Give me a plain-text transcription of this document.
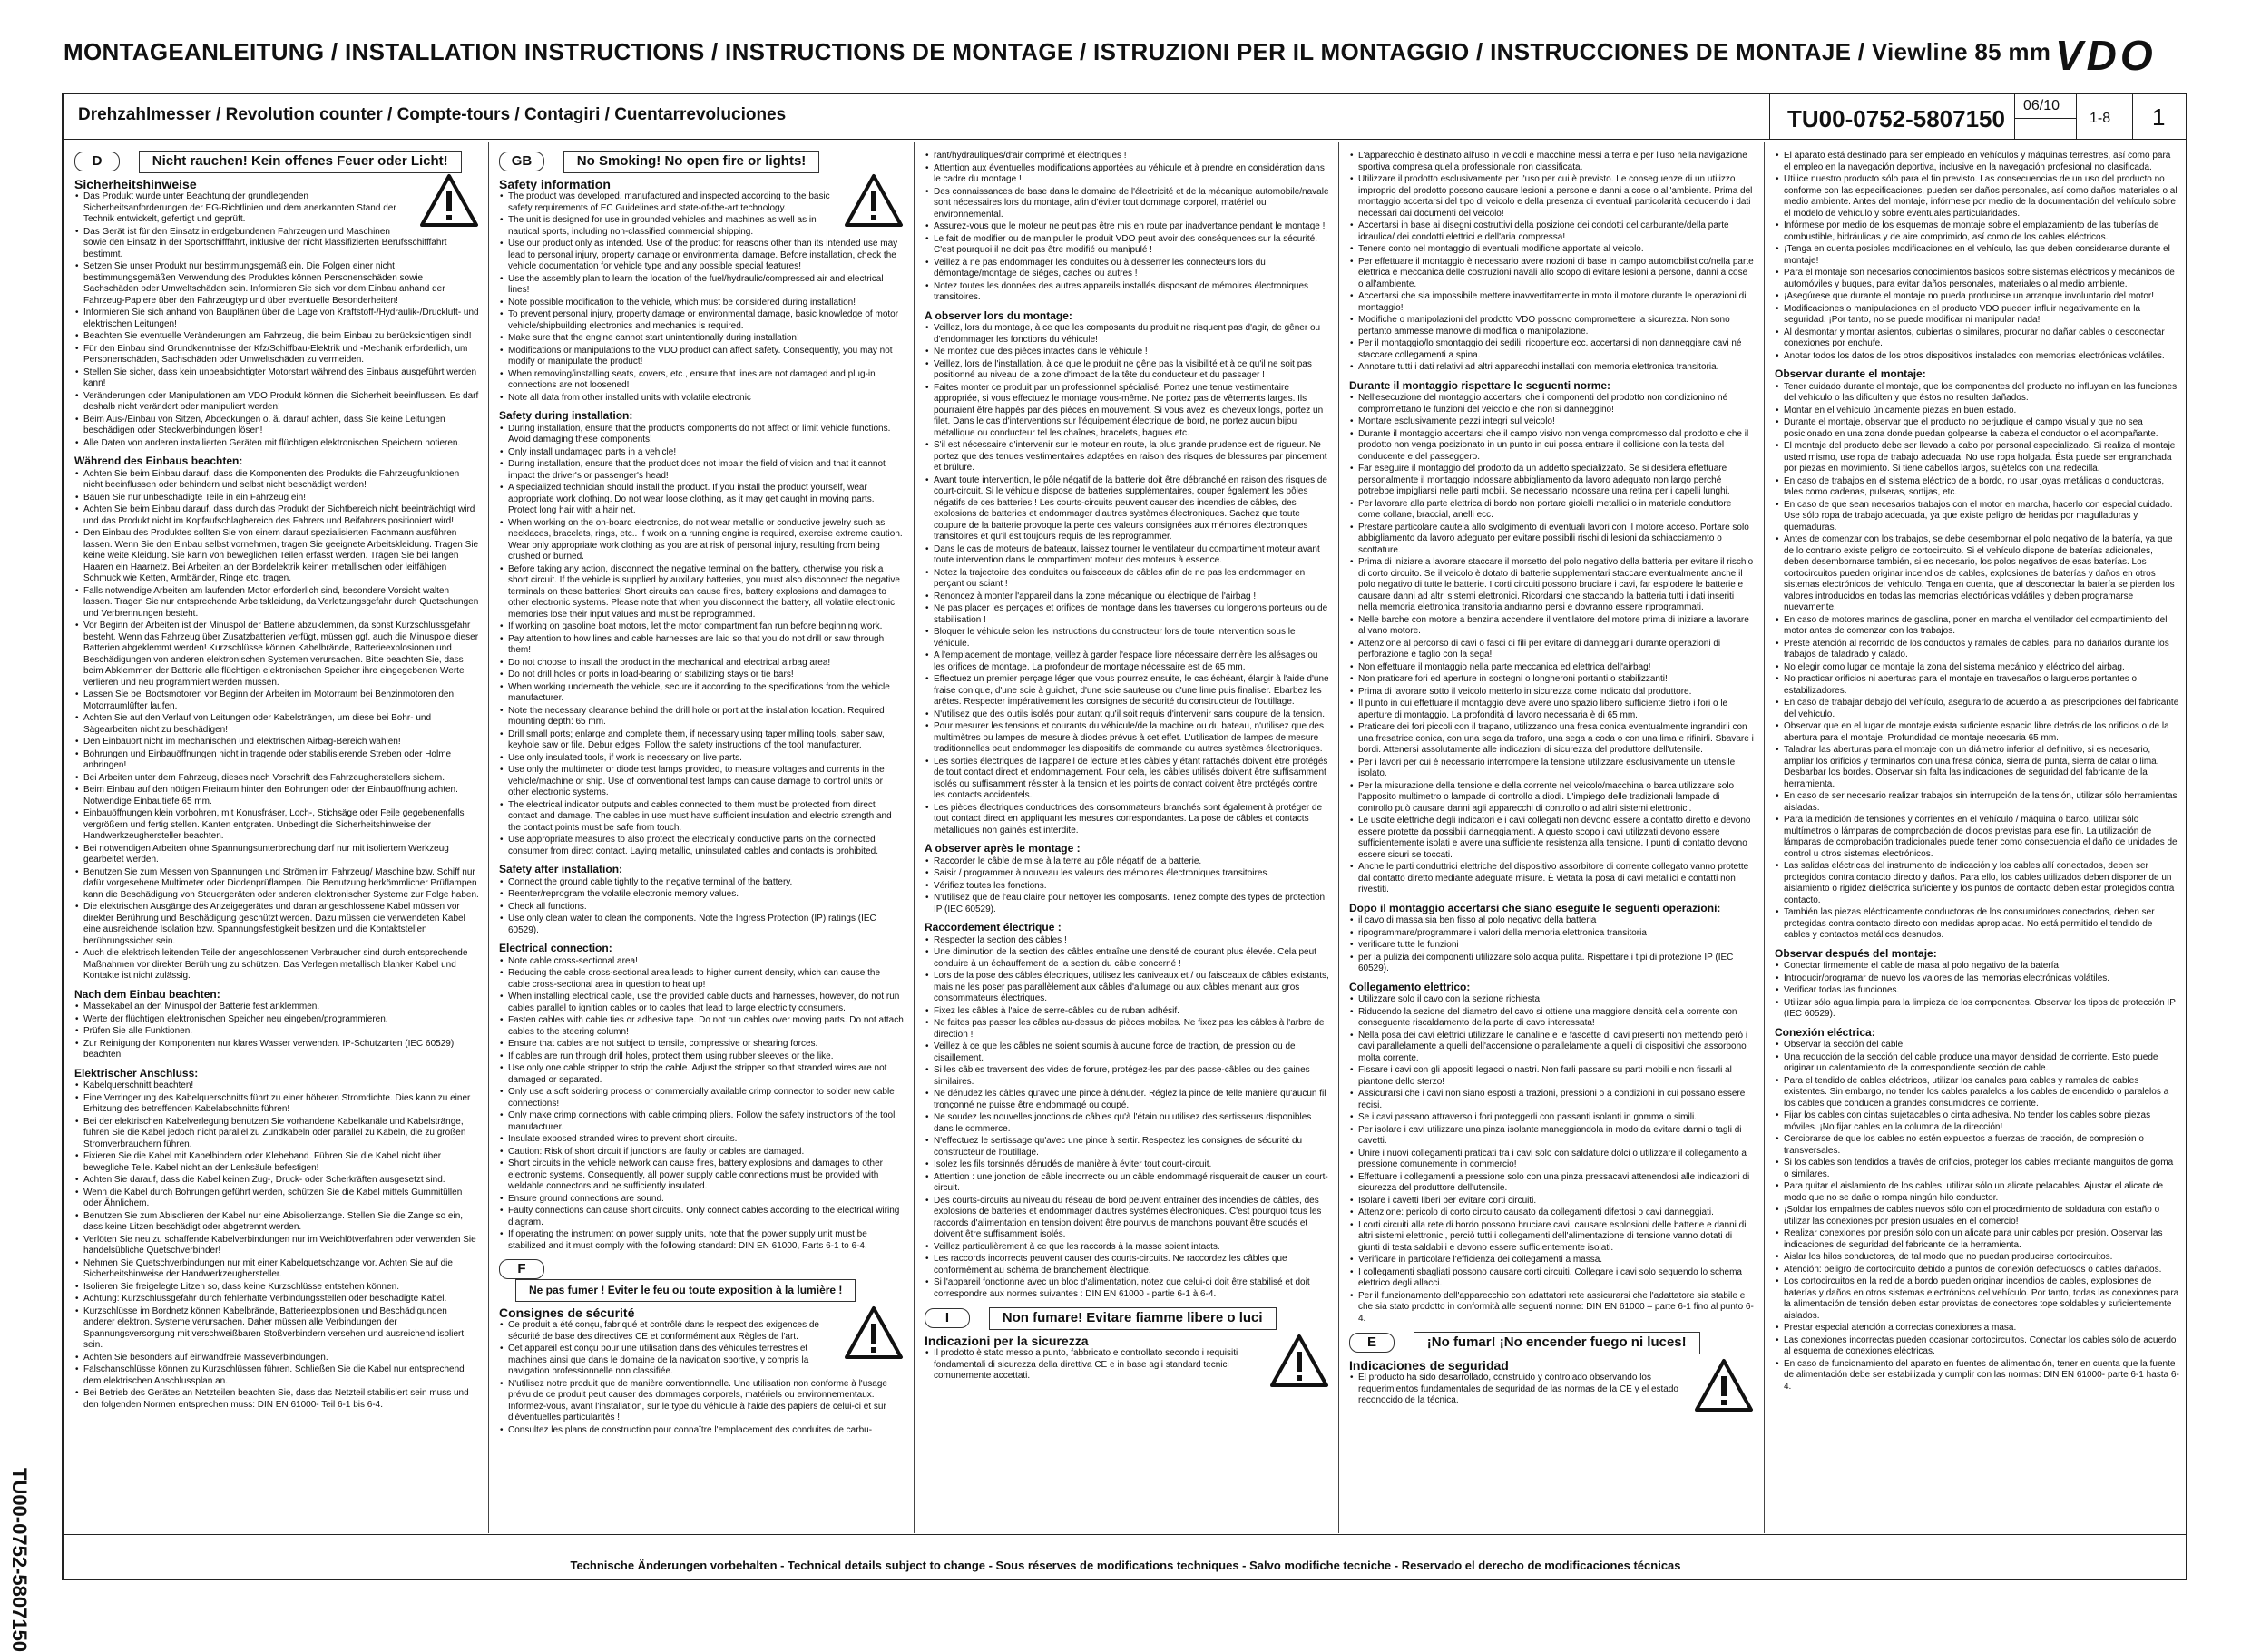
MONTAGEANLEITUNG / INSTALLATION INSTRUCTIONS / INSTRUCTIONS DE MONTAGE / ISTRUZIONI PER IL MONTAGGIO / INSTRUCCIONES DE MONTAJE / Viewline 85 mm VDO
Drehzahlmesser / Revolution counter / Compte-tours / Contagiri / Cuentarrevoluciones	TU00-0752-5807150 06/10
1-8 1
D	Nicht rauchen! Kein offenes Feuer oder Licht!
Sicherheitshinweise
• Das Produkt wurde unter Beachtung der grundlegenden Sicherheitsanforderungen der EG-Richtlinien und dem anerkannten Stand der Technik entwickelt, gefertigt und geprüft.
• Das Gerät ist für den Einsatz in erdgebundenen Fahrzeugen und Maschinen sowie den Einsatz in der Sportschifffahrt, inklusive der nicht klassifizierten Berufsschifffahrt bestimmt.
• Setzen Sie unser Produkt nur bestimmungsgemäß ein. Die Folgen einer nicht bestimmungsgemäßen Verwendung des Produktes können Personenschäden sowie Sachschäden oder Umweltschäden sein. Informieren Sie sich vor dem Einbau anhand der Fahrzeug-Papiere über den Fahrzeugtyp und über eventuelle Besonderheiten!
• Informieren Sie sich anhand von Bauplänen über die Lage von Kraftstoff-/Hydraulik-/Druckluft- und elektrischen Leitungen!
• Beachten Sie eventuelle Veränderungen am Fahrzeug, die beim Einbau zu berücksichtigen sind!
• Für den Einbau sind Grundkenntnisse der Kfz/Schiffbau-Elektrik und -Mechanik erforderlich, um Personenschäden, Sachschäden oder Umweltschäden zu vermeiden.
• Stellen Sie sicher, dass kein unbeabsichtigter Motorstart während des Einbaus ausgeführt werden kann!
• Veränderungen oder Manipulationen am VDO Produkt können die Sicherheit beeinflussen. Es darf deshalb nicht verändert oder manipuliert werden!
• Beim Aus-/Einbau von Sitzen, Abdeckungen o. ä. darauf achten, dass Sie keine Leitungen beschädigen oder Steckverbindungen lösen!
• Alle Daten von anderen installierten Geräten mit flüchtigen elektronischen Speichern notieren.
Während des Einbaus beachten:
• Achten Sie beim Einbau darauf, dass die Komponenten des Produkts die Fahrzeugfunktionen nicht beeinflussen oder behindern und selbst nicht beschädigt werden!
• Bauen Sie nur unbeschädigte Teile in ein Fahrzeug ein!
• Achten Sie beim Einbau darauf, dass durch das Produkt der Sichtbereich nicht beeinträchtigt wird und das Produkt nicht im Kopfaufschlagbereich des Fahrers und Beifahrers positioniert wird!
• Den Einbau des Produktes sollten Sie von einem darauf spezialisierten Fachmann ausführen lassen. Wenn Sie den Einbau selbst vornehmen, tragen Sie geeignete Arbeitskleidung. Tragen Sie keine weite Kleidung. Sie kann von beweglichen Teilen erfasst werden. Tragen Sie bei langen Haaren ein Haarnetz. Bei Arbeiten an der Bordelektrik keinen metallischen oder leitfähigen Schmuck wie Ketten, Armbänder, Ringe etc. tragen.
• Falls notwendige Arbeiten am laufenden Motor erforderlich sind, besondere Vorsicht walten lassen. Tragen Sie nur entsprechende Arbeitskleidung, da Verletzungsgefahr durch Quetschungen und Verbrennungen besteht.
• Vor Beginn der Arbeiten ist der Minuspol der Batterie abzuklemmen, da sonst Kurzschlussgefahr besteht. Wenn das Fahrzeug über Zusatzbatterien verfügt, müssen ggf. auch die Minuspole dieser Batterien abgeklemmt werden! Kurzschlüsse können Kabelbrände, Batterieexplosionen und Beschädigungen von anderen elektronischen Systemen verursachen. Bitte beachten Sie, dass beim Abklemmen der Batterie alle flüchtigen elektronischen Speicher ihre eingegebenen Werte verlieren und neu programmiert werden müssen.
• Lassen Sie bei Bootsmotoren vor Beginn der Arbeiten im Motorraum bei Benzinmotoren den Motorraumlüfter laufen.
• Achten Sie auf den Verlauf von Leitungen oder Kabelsträngen, um diese bei Bohr- und Sägearbeiten nicht zu beschädigen!
• Den Einbauort nicht im mechanischen und elektrischen Airbag-Bereich wählen!
• Bohrungen und Einbauöffnungen nicht in tragende oder stabilisierende Streben oder Holme anbringen!
• Bei Arbeiten unter dem Fahrzeug, dieses nach Vorschrift des Fahrzeugherstellers sichern.
• Beim Einbau auf den nötigen Freiraum hinter den Bohrungen oder der Einbauöffnung achten. Notwendige Einbautiefe 65 mm.
• Einbauöffnungen klein vorbohren, mit Konusfräser, Loch-, Stichsäge oder Feile gegebenenfalls vergrößern und fertig stellen. Kanten entgraten. Unbedingt die Sicherheitshinweise der Handwerkzeughersteller beachten.
• Bei notwendigen Arbeiten ohne Spannungsunterbrechung darf nur mit isoliertem Werkzeug gearbeitet werden.
• Benutzen Sie zum Messen von Spannungen und Strömen im Fahrzeug/ Maschine bzw. Schiff nur dafür vorgesehene Multimeter oder Diodenprüflampen. Die Benutzung herkömmlicher Prüflampen kann die Beschädigung von Steuergeräten oder anderen elektronischer Systeme zur Folge haben.
• Die elektrischen Ausgänge des Anzeigegerätes und daran angeschlossene Kabel müssen vor direkter Berührung und Beschädigung geschützt werden. Dazu müssen die verwendeten Kabel eine ausreichende Isolation bzw. Spannungsfestigkeit besitzen und die Kontaktstellen berührungssicher sein.
• Auch die elektrisch leitenden Teile der angeschlossenen Verbraucher sind durch entsprechende Maßnahmen vor direkter Berührung zu schützen. Das Verlegen metallisch blanker Kabel und Kontakte ist nicht zulässig.
Nach dem Einbau beachten:
• Massekabel an den Minuspol der Batterie fest anklemmen.
• Werte der flüchtigen elektronischen Speicher neu eingeben/programmieren.
• Prüfen Sie alle Funktionen.
• Zur Reinigung der Komponenten nur klares Wasser verwenden. IP-Schutzarten (IEC 60529) beachten.
Elektrischer Anschluss:
• Kabelquerschnitt beachten!
• Eine Verringerung des Kabelquerschnitts führt zu einer höheren Stromdichte. Dies kann zu einer Erhitzung des betreffenden Kabelabschnitts führen!
• Bei der elektrischen Kabelverlegung benutzen Sie vorhandene Kabelkanäle und Kabelstränge, führen Sie die Kabel jedoch nicht parallel zu Zündkabeln oder parallel zu Kabeln, die zu großen Stromverbrauchern führen.
• Fixieren Sie die Kabel mit Kabelbindern oder Klebeband. Führen Sie die Kabel nicht über bewegliche Teile. Kabel nicht an der Lenksäule befestigen!
• Achten Sie darauf, dass die Kabel keinen Zug-, Druck- oder Scherkräften ausgesetzt sind.
• Wenn die Kabel durch Bohrungen geführt werden, schützen Sie die Kabel mittels Gummitüllen oder Ähnlichem.
• Benutzen Sie zum Abisolieren der Kabel nur eine Abisolierzange. Stellen Sie die Zange so ein, dass keine Litzen beschädigt oder abgetrennt werden.
• Verlöten Sie neu zu schaffende Kabelverbindungen nur im Weichlötverfahren oder verwenden Sie handelsübliche Quetschverbinder!
• Nehmen Sie Quetschverbindungen nur mit einer Kabelquetschzange vor. Achten Sie auf die Sicherheitshinweise der Handwerkzeughersteller.
• Isolieren Sie freigelegte Litzen so, dass keine Kurzschlüsse entstehen können.
• Achtung: Kurzschlussgefahr durch fehlerhafte Verbindungsstellen oder beschädigte Kabel.
• Kurzschlüsse im Bordnetz können Kabelbrände, Batterieexplosionen und Beschädigungen anderer elektron. Systeme verursachen. Daher müssen alle Verbindungen der Spannungsversorgung mit verschweißbaren Stoßverbindern versehen und ausreichend isoliert sein.
• Achten Sie besonders auf einwandfreie Masseverbindungen.
• Falschanschlüsse können zu Kurzschlüssen führen. Schließen Sie die Kabel nur entsprechend dem elektrischen Anschlussplan an.
• Bei Betrieb des Gerätes an Netzteilen beachten Sie, dass das Netzteil stabilisiert sein muss und den folgenden Normen entsprechen muss: DIN EN 61000- Teil 6-1 bis 6-4.
GB	No Smoking! No open fire or lights!
Safety information
• The product was developed, manufactured and inspected according to the basic safety requirements of EC Guidelines and state-of-the-art technology.
• The unit is designed for use in grounded vehicles and machines as well as in nautical sports, including non-classified commercial shipping.
• Use our product only as intended. Use of the product for reasons other than its intended use may lead to personal injury, property damage or environmental damage. Before installation, check the vehicle documentation for vehicle type and any possible special features!
• Use the assembly plan to learn the location of the fuel/hydraulic/compressed air and electrical lines!
• Note possible modification to the vehicle, which must be considered during installation!
• To prevent personal injury, property damage or environmental damage, basic knowledge of motor vehicle/shipbuilding electronics and mechanics is required.
• Make sure that the engine cannot start unintentionally during installation!
• Modifications or manipulations to the VDO product can affect safety. Consequently, you may not modify or manipulate the product!
• When removing/installing seats, covers, etc., ensure that lines are not damaged and plug-in connections are not loosened!
• Note all data from other installed units with volatile electronic
Safety during installation:
• During installation, ensure that the product's components do not affect or limit vehicle functions. Avoid damaging these components!
• Only install undamaged parts in a vehicle!
• During installation, ensure that the product does not impair the field of vision and that it cannot impact the driver's or passenger's head!
• A specialized technician should install the product. If you install the product yourself, wear appropriate work clothing. Do not wear loose clothing, as it may get caught in moving parts. Protect long hair with a hair net.
• When working on the on-board electronics, do not wear metallic or conductive jewelry such as necklaces, bracelets, rings, etc.. If work on a running engine is required, exercise extreme caution. Wear only appropriate work clothing as you are at risk of personal injury, resulting from being crushed or burned.
• Before taking any action, disconnect the negative terminal on the battery, otherwise you risk a short circuit. If the vehicle is supplied by auxiliary batteries, you must also disconnect the negative terminals on these batteries! Short circuits can cause fires, battery explosions and damages to other electronic systems. Please note that when you disconnect the battery, all volatile electronic memories lose their input values and must be reprogrammed.
• If working on gasoline boat motors, let the motor compartment fan run before beginning work.
• Pay attention to how lines and cable harnesses are laid so that you do not drill or saw through them!
• Do not choose to install the product in the mechanical and electrical airbag area!
• Do not drill holes or ports in load-bearing or stabilizing stays or tie bars!
• When working underneath the vehicle, secure it according to the specifications from the vehicle manufacturer.
• Note the necessary clearance behind the drill hole or port at the installation location. Required mounting depth: 65 mm.
• Drill small ports; enlarge and complete them, if necessary using taper milling tools, saber saw, keyhole saw or file. Debur edges. Follow the safety instructions of the tool manufacturer.
• Use only insulated tools, if work is necessary on live parts.
• Use only the multimeter or diode test lamps provided, to measure voltages and currents in the vehicle/machine or ship. Use of conventional test lamps can cause damage to control units or other electronic systems.
• The electrical indicator outputs and cables connected to them must be protected from direct contact and damage. The cables in use must have sufficient insulation and electric strength and the contact points must be safe from touch.
• Use appropriate measures to also protect the electrically conductive parts on the connected consumer from direct contact. Laying metallic, uninsulated cables and contacts is prohibited.
Safety after installation:
• Connect the ground cable tightly to the negative terminal of the battery.
• Reenter/reprogram the volatile electronic memory values.
• Check all functions.
• Use only clean water to clean the components. Note the Ingress Protection (IP) ratings (IEC 60529).
Electrical connection:
• Note cable cross-sectional area!
• Reducing the cable cross-sectional area leads to higher current density, which can cause the cable cross-sectional area in question to heat up!
• When installing electrical cable, use the provided cable ducts and harnesses, however, do not run cables parallel to ignition cables or to cables that lead to large electricity consumers.
• Fasten cables with cable ties or adhesive tape. Do not run cables over moving parts. Do not attach cables to the steering column!
• Ensure that cables are not subject to tensile, compressive or shearing forces.
• If cables are run through drill holes, protect them using rubber sleeves or the like.
• Use only one cable stripper to strip the cable. Adjust the stripper so that stranded wires are not damaged or separated.
• Only use a soft soldering process or commercially available crimp connector to solder new cable connections!
• Only make crimp connections with cable crimping pliers. Follow the safety instructions of the tool manufacturer.
• Insulate exposed stranded wires to prevent short circuits.
• Caution: Risk of short circuit if junctions are faulty or cables are damaged.
• Short circuits in the vehicle network can cause fires, battery explosions and damages to other electronic systems. Consequently, all power supply cable connections must be provided with weldable connectors and be sufficiently insulated.
• Ensure ground connections are sound.
• Faulty connections can cause short circuits. Only connect cables according to the electrical wiring diagram.
• If operating the instrument on power supply units, note that the power supply unit must be stabilized and it must comply with the following standard: DIN EN 61000, Parts 6-1 to 6-4.
F Ne pas fumer ! Eviter le feu ou toute exposition à la lumière !
Consignes de sécurité
• Ce produit a été conçu, fabriqué et contrôlé dans le respect des exigences de sécurité de base des directives CE et conformément aux Règles de l'art.
• Cet appareil est conçu pour une utilisation dans des véhicules terrestres et machines ainsi que dans le domaine de la navigation sportive, y compris la navigation professionnelle non classifiée.
• N'utilisez notre produit que de manière conventionnelle. Une utilisation non conforme à l'usage prévu de ce produit peut causer des dommages corporels, matériels ou environnementaux. Informez-vous, avant l'installation, sur le type du véhicule à l'aide des papiers de celui-ci et sur d'éventuelles particularités !
• Consultez les plans de construction pour connaître l'emplacement des conduites de carbu-
• rant/hydrauliques/d'air comprimé et électriques !
• Attention aux éventuelles modifications apportées au véhicule et à prendre en considération dans le cadre du montage !
• Des connaissances de base dans le domaine de l'électricité et de la mécanique automobile/navale sont nécessaires lors du montage, afin d'éviter tout dommage corporel, matériel ou environnemental.
• Assurez-vous que le moteur ne peut pas être mis en route par inadvertance pendant le montage !
• Le fait de modifier ou de manipuler le produit VDO peut avoir des conséquences sur la sécurité. C'est pourquoi il ne doit pas être modifié ou manipulé !
• Veillez à ne pas endommager les conduites ou à desserrer les connecteurs lors du démontage/montage de sièges, caches ou autres !
• Notez toutes les données des autres appareils installés disposant de mémoires électroniques transitoires.
A observer lors du montage:
• Veillez, lors du montage, à ce que les composants du produit ne risquent pas d'agir, de gêner ou d'endommager les fonctions du véhicule!
• Ne montez que des pièces intactes dans le véhicule !
• Veillez, lors de l'installation, à ce que le produit ne gêne pas la visibilité et à ce qu'il ne soit pas positionné au niveau de la zone d'impact de la tête du conducteur et du passager !
• Faites monter ce produit par un professionnel spécialisé. Portez une tenue vestimentaire appropriée, si vous effectuez le montage vous-même. Ne portez pas de vêtements larges. Ils pourraient être happés par des pièces en mouvement. Si vous avez les cheveux longs, portez un filet. Dans le cas d'interventions sur l'équipement électrique de bord, ne portez aucun bijou métallique ou conducteur tel les chaînes, bracelets, bagues etc.
• S'il est nécessaire d'intervenir sur le moteur en route, la plus grande prudence est de rigueur. Ne portez que des tenues vestimentaires adaptées en raison des risques de blessures par pincement et brûlure.
• Avant toute intervention, le pôle négatif de la batterie doit être débranché en raison des risques de court-circuit. Si le véhicule dispose de batteries supplémentaires, couper également les pôles négatifs de ces batteries ! Les courts-circuits peuvent causer des incendies de câbles, des explosions de batteries et endommager d'autres systèmes électroniques. Sachez que toute coupure de la batterie provoque la perte des valeurs consignées aux mémoires électroniques transitoires et qu'il est toujours requis de les reprogrammer.
• Dans le cas de moteurs de bateaux, laissez tourner le ventilateur du compartiment moteur avant toute intervention dans le compartiment moteur des moteurs à essence.
• Notez la trajectoire des conduites ou faisceaux de câbles afin de ne pas les endommager en perçant ou sciant !
• Renoncez à monter l'appareil dans la zone mécanique ou électrique de l'airbag !
• Ne pas placer les perçages et orifices de montage dans les traverses ou longerons porteurs ou de stabilisation !
• Bloquer le véhicule selon les instructions du constructeur lors de toute intervention sous le véhicule.
• A l'emplacement de montage, veillez à garder l'espace libre nécessaire derrière les alésages ou les orifices de montage. La profondeur de montage nécessaire est de 65 mm.
• Effectuez un premier perçage léger que vous pourrez ensuite, le cas échéant, élargir à l'aide d'une fraise conique, d'une scie à guichet, d'une scie sauteuse ou d'une lime puis finaliser. Ebarbez les arêtes. Respecter impérativement les consignes de sécurité du constructeur de l'outillage.
• N'utilisez que des outils isolés pour autant qu'il soit requis d'intervenir sans coupure de la tension.
• Pour mesurer les tensions et courants du véhicule/de la machine ou du bateau, n'utilisez que des multimètres ou lampes de mesure à diodes prévus à cet effet. L'utilisation de lampes de mesure traditionnelles peut endommager les dispositifs de commande ou autres systèmes électroniques.
• Les sorties électriques de l'appareil de lecture et les câbles y étant rattachés doivent être protégés de tout contact direct et endommagement. Pour cela, les câbles utilisés doivent être suffisamment isolés ou suffisamment résister à la tension et les points de contact doivent être protégés contre les contacts accidentels.
• Les pièces électriques conductrices des consommateurs branchés sont également à protéger de tout contact direct en appliquant les mesures correspondantes. La pose de câbles et contacts métalliques non gainés est interdite.
A observer après le montage :
• Raccorder le câble de mise à la terre au pôle négatif de la batterie.
• Saisir / programmer à nouveau les valeurs des mémoires électroniques transitoires.
• Vérifiez toutes les fonctions.
• N'utilisez que de l'eau claire pour nettoyer les composants. Tenez compte des types de protection IP (IEC 60529).
Raccordement électrique :
• Respecter la section des câbles !
• Une diminution de la section des câbles entraîne une densité de courant plus élevée. Cela peut conduire à un échauffement de la section du câble concerné !
• Lors de la pose des câbles électriques, utilisez les caniveaux et / ou faisceaux de câbles existants, mais ne les poser pas parallèlement aux câbles d'allumage ou aux câbles menant aux gros consommateurs électriques.
• Fixez les câbles à l'aide de serre-câbles ou de ruban adhésif.
• Ne faites pas passer les câbles au-dessus de pièces mobiles. Ne fixez pas les câbles à l'arbre de direction !
• Veillez à ce que les câbles ne soient soumis à aucune force de traction, de pression ou de cisaillement.
• Si les câbles traversent des vides de forure, protégez-les par des passe-câbles ou des gaines similaires.
• Ne dénudez les câbles qu'avec une pince à dénuder. Réglez la pince de telle manière qu'aucun fil tronçonné ne puisse être endommagé ou coupé.
• Ne soudez les nouvelles jonctions de câbles qu'à l'étain ou utilisez des sertisseurs disponibles dans le commerce.
• N'effectuez le sertissage qu'avec une pince à sertir. Respectez les consignes de sécurité du constructeur de l'outillage.
• Isolez les fils torsinnés dénudés de manière à éviter tout court-circuit.
• Attention : une jonction de câble incorrecte ou un câble endommagé risquerait de causer un court-circuit.
• Des courts-circuits au niveau du réseau de bord peuvent entraîner des incendies de câbles, des explosions de batteries et endommager d'autres systèmes électroniques. C'est pourquoi tous les raccords d'alimentation en tension doivent être pourvus de manchons pouvant être soudés et doivent être suffisamment isolés.
• Veillez particulièrement à ce que les raccords à la masse soient intacts.
• Les raccords incorrects peuvent causer des courts-circuits. Ne raccordez les câbles que conformément au schéma de branchement électrique.
• Si l'appareil fonctionne avec un bloc d'alimentation, notez que celui-ci doit être stabilisé et doit correspondre aux normes suivantes : DIN EN 61000 - partie 6-1 à 6-4.
I	Non fumare! Evitare fiamme libere o luci
Indicazioni per la sicurezza
• Il prodotto è stato messo a punto, fabbricato e controllato secondo i requisiti fondamentali di sicurezza della direttiva CE e in base agli standard tecnici comunemente accettati.
• L'apparecchio è destinato all'uso in veicoli e macchine messi a terra e per l'uso nella navigazione sportiva compresa quella professionale non classificata.
• Utilizzare il prodotto esclusivamente per l'uso per cui è previsto. Le conseguenze di un utilizzo improprio del prodotto possono causare lesioni a persone e danni a cose o all'ambiente. Prima del montaggio accertarsi del tipo di veicolo e della presenza di eventuali particolarità deducendo i dati necessari dai documenti del veicolo!
• Accertarsi in base ai disegni costruttivi della posizione dei condotti del carburante/della parte idraulica/ dei condotti elettrici e dell'aria compressa!
• Tenere conto nel montaggio di eventuali modifiche apportate al veicolo.
• Per effettuare il montaggio è necessario avere nozioni di base in campo automobilistico/nella parte elettrica e meccanica delle costruzioni navali allo scopo di evitare lesioni a persone, danni a cose o all'ambiente.
• Accertarsi che sia impossibile mettere inavvertitamente in moto il motore durante le operazioni di montaggio!
• Modifiche o manipolazioni del prodotto VDO possono compromettere la sicurezza. Non sono pertanto ammesse manovre di modifica o manipolazione.
• Per il montaggio/lo smontaggio dei sedili, ricoperture ecc. accertarsi di non danneggiare cavi né staccare collegamenti a spina.
• Annotare tutti i dati relativi ad altri apparecchi installati con memoria elettronica transitoria.
Durante il montaggio rispettare le seguenti norme:
• Nell'esecuzione del montaggio accertarsi che i componenti del prodotto non condizionino né compromettano le funzioni del veicolo e che non si danneggino!
• Montare esclusivamente pezzi integri sul veicolo!
• Durante il montaggio accertarsi che il campo visivo non venga compromesso dal prodotto e che il prodotto non venga posizionato in un punto in cui possa entrare il collisione con la testa del conducente e del passeggero.
• Far eseguire il montaggio del prodotto da un addetto specializzato. Se si desidera effettuare personalmente il montaggio indossare abbigliamento da lavoro adeguato non largo perché potrebbe impigliarsi nelle parti mobili. Se necessario indossare una retina per i capelli lunghi.
• Per lavorare alla parte elettrica di bordo non portare gioielli metallici o in materiale conduttore come collane, braccial, anelli ecc.
• Prestare particolare cautela allo svolgimento di eventuali lavori con il motore acceso. Portare solo abbigliamento da lavoro adeguato per evitare possibili rischi di lesioni da schiacciamento o scottature.
• Prima di iniziare a lavorare staccare il morsetto del polo negativo della batteria per evitare il rischio di corto circuito. Se il veicolo è dotato di batterie supplementari staccare eventualmente anche il polo negativo di tutte le batterie. I corti circuiti possono bruciare i cavi, far esplodere le batterie e causare danni ad altri sistemi elettronici. Ricordarsi che staccando la batteria tutti i dati inseriti nella memoria elettronica transitoria andranno persi e dovranno essere riprogrammati.
• Nelle barche con motore a benzina accendere il ventilatore del motore prima di iniziare a lavorare al vano motore.
• Attenzione al percorso di cavi o fasci di fili per evitare di danneggiarli durante operazioni di perforazione e taglio con la sega!
• Non effettuare il montaggio nella parte meccanica ed elettrica dell'airbag!
• Non praticare fori ed aperture in sostegni o longheroni portanti o stabilizzanti!
• Prima di lavorare sotto il veicolo metterlo in sicurezza come indicato dal produttore.
• Il punto in cui effettuare il montaggio deve avere uno spazio libero sufficiente dietro i fori o le aperture di montaggio. La profondità di lavoro necessaria è di 65 mm.
• Praticare dei fori piccoli con il trapano, utilizzando una fresa conica eventualmente ingrandirli con una fresatrice conica, con una sega da traforo, una sega a coda o con una lima e rifinirli. Sbavare i bordi. Attenersi assolutamente alle indicazioni di sicurezza del produttore dell'utensile.
• Per i lavori per cui è necessario interrompere la tensione utilizzare esclusivamente un utensile isolato.
• Per la misurazione della tensione e della corrente nel veicolo/macchina o barca utilizzare solo l'apposito multimetro o lampade di controllo a diodi. L'impiego delle tradizionali lampade di controllo può causare danni agli apparecchi di controllo o ad altri sistemi elettronici.
• Le uscite elettriche degli indicatori e i cavi collegati non devono essere a contatto diretto e devono essere protette da possibili danneggiamenti. A questo scopo i cavi utilizzati devono essere sufficientemente isolati e avere una sufficiente resistenza alla tensione. I punti di contatto devono essere sicuri se toccati.
• Anche le parti conduttrici elettriche del dispositivo assorbitore di corrente collegato vanno protette dal contatto diretto mediante adeguate misure. È vietata la posa di cavi metallici e contatti non rivestiti.
Dopo il montaggio accertarsi che siano eseguite le seguenti operazioni:
• il cavo di massa sia ben fisso al polo negativo della batteria
• ripogrammare/programmare i valori della memoria elettronica transitoria
• verificare tutte le funzioni
• per la pulizia dei componenti utilizzare solo acqua pulita. Rispettare i tipi di protezione IP (IEC 60529).
Collegamento elettrico:
• Utilizzare solo il cavo con la sezione richiesta!
• Riducendo la sezione del diametro del cavo si ottiene una maggiore densità della corrente con conseguente riscaldamento della parte di cavo interessata!
• Nella posa dei cavi elettrici utilizzare le canaline e le fascette di cavi presenti non mettendo però i cavi parallelamente a quelli dell'accensione o parallelamente a quelli di dispositivi che assorbono molta corrente.
• Fissare i cavi con gli appositi legacci o nastri. Non farli passare su parti mobili e non fissarli al piantone dello sterzo!
• Assicurarsi che i cavi non siano esposti a trazioni, pressioni o a condizioni in cui possano essere recisi.
• Se i cavi passano attraverso i fori proteggerli con passanti isolanti in gomma o simili.
• Per isolare i cavi utilizzare una pinza isolante maneggiandola in modo da evitare danni o tagli di cavetti.
• Unire i nuovi collegamenti praticati tra i cavi solo con saldature dolci o utilizzare il collegamento a pressione comunemente in commercio!
• Effettuare i collegamenti a pressione solo con una pinza pressacavi attenendosi alle indicazioni di sicurezza del produttore dell'utensile.
• Isolare i cavetti liberi per evitare corti circuiti.
• Attenzione: pericolo di corto circuito causato da collegamenti difettosi o cavi danneggiati.
• I corti circuiti alla rete di bordo possono bruciare cavi, causare esplosioni delle batterie e danni di altri sistemi elettronici, perciò tutti i collegamenti dell'alimentazione di tensione vanno dotati di giunti di testa saldabili e devono essere sufficientemente isolati.
• Verificare in particolare l'efficienza dei collegamenti a massa.
• I collegamenti sbagliati possono causare corti circuiti. Collegare i cavi solo seguendo lo schema elettrico degli allacci.
• Per il funzionamento dell'apparecchio con adattatori rete assicurarsi che l'adattatore sia stabile e che sia stato prodotto in conformità alle seguenti norme: DIN EN 61000 – parte 6-1 fino al punto 6-4.
E	¡No fumar! ¡No encender fuego ni luces!
Indicaciones de seguridad
• El producto ha sido desarrollado, construido y controlado observando los requerimientos fundamentales de seguridad de las normas de la CE y el estado reconocido de la técnica.
• El aparato está destinado para ser empleado en vehículos y máquinas terrestres, así como para el empleo en la navegación deportiva, inclusive en la navegación profesional no clasificada.
• Utilice nuestro producto sólo para el fin previsto. Las consecuencias de un uso del producto no conforme con las especificaciones, pueden ser daños personales, así como daños materiales o al medio ambiente. Antes del montaje, infórmese por medio de la documentación del vehículo sobre el modelo de vehículo y sobre eventuales particularidades.
• Infórmese por medio de los esquemas de montaje sobre el emplazamiento de las tuberías de combustible, hidráulicas y de aire comprimido, así como de los cables eléctricos.
• ¡Tenga en cuenta posibles modificaciones en el vehículo, las que deben considerarse durante el montaje!
• Para el montaje son necesarios conocimientos básicos sobre sistemas eléctricos y mecánicos de automóviles y buques, para evitar daños personales, materiales o al medio ambiente.
• ¡Asegúrese que durante el montaje no pueda producirse un arranque involuntario del motor!
• Modificaciones o manipulaciones en el producto VDO pueden influir negativamente en la seguridad. ¡Por tanto, no se puede modificar ni manipular nada!
• Al desmontar y montar asientos, cubiertas o similares, procurar no dañar cables o desconectar conexiones por enchufe.
• Anotar todos los datos de los otros dispositivos instalados con memorias electrónicas volátiles.
Observar durante el montaje:
• Tener cuidado durante el montaje, que los componentes del producto no influyan en las funciones del vehículo o las dificulten y que éstos no resulten dañados.
• Montar en el vehículo únicamente piezas en buen estado.
• Durante el montaje, observar que el producto no perjudique el campo visual y que no sea posicionado en una zona donde puedan golpearse la cabeza el conductor o el acompañante.
• El montaje del producto debe ser llevado a cabo por personal especializado. Si realiza el montaje usted mismo, use ropa de trabajo adecuada. No use ropa holgada. Ésta puede ser engranchada por piezas en movimiento. Si tiene cabellos largos, sujételos con una redecilla.
• En caso de trabajos en el sistema eléctrico de a bordo, no usar joyas metálicas o conductoras, tales como cadenas, pulseras, sortijas, etc.
• En caso de que sean necesarios trabajos con el motor en marcha, hacerlo con especial cuidado. Use sólo ropa de trabajo adecuada, ya que existe peligro de heridas por magulladuras y quemaduras.
• Antes de comenzar con los trabajos, se debe desembornar el polo negativo de la batería, ya que de lo contrario existe peligro de cortocircuito. Si el vehículo dispone de baterías adicionales, deben desembornarse también, si es necesario, los polos negativos de esas baterías. Los cortocircuitos pueden originar incendios de cables, explosiones de baterías y daños en otros sistemas electrónicos del vehículo. Tenga en cuenta, que al desconectar la batería se pierden los valores introducidos en todas las memorias electrónicas volátiles y deben programarse nuevamente.
• En caso de motores marinos de gasolina, poner en marcha el ventilador del compartimiento del motor antes de comenzar con los trabajos.
• Preste atención al recorrido de los conductos y ramales de cables, para no dañarlos durante los trabajos de taladrado y calado.
• No elegir como lugar de montaje la zona del sistema mecánico y eléctrico del airbag.
• No practicar orificios ni aberturas para el montaje en travesaños o largueros portantes o estabilizadores.
• En caso de trabajar debajo del vehículo, asegurarlo de acuerdo a las prescripciones del fabricante del vehículo.
• Observar que en el lugar de montaje exista suficiente espacio libre detrás de los orificios o de la abertura para el montaje. Profundidad de montaje necesaria 65 mm.
• Taladrar las aberturas para el montaje con un diámetro inferior al definitivo, si es necesario, ampliar los orificios y terminarlos con una fresa cónica, sierra de punta, sierra de calar o lima. Desbarbar los bordes. Observar sin falta las indicaciones de seguridad del fabricante de la herramienta.
• En caso de ser necesario realizar trabajos sin interrupción de la tensión, utilizar sólo herramientas aisladas.
• Para la medición de tensiones y corrientes en el vehículo / máquina o barco, utilizar sólo multímetros o lámparas de comprobación de diodos previstas para ese fin. La utilización de lámparas de comprobación tradicionales puede tener como consecuencia el daño de unidades de control u otros sistemas electrónicos.
• Las salidas eléctricas del instrumento de indicación y los cables allí conectados, deben ser protegidos contra contacto directo y daños. Para ello, los cables utilizados deben disponer de un aislamiento o rigidez dieléctrica suficiente y los puntos de contacto deben estar protegidos contra contacto.
• También las piezas eléctricamente conductoras de los consumidores conectados, deben ser protegidas contra contacto directo con medidas apropiadas. No está permitido el tendido de cables y contactos metálicos desnudos.
Observar después del montaje:
• Conectar firmemente el cable de masa al polo negativo de la batería.
• Introducir/programar de nuevo los valores de las memorias electrónicas volátiles.
• Verificar todas las funciones.
• Utilizar sólo agua limpia para la limpieza de los componentes. Observar los tipos de protección IP (IEC 60529).
Conexión eléctrica:
• Observar la sección del cable.
• Una reducción de la sección del cable produce una mayor densidad de corriente. Esto puede originar un calentamiento de la correspondiente sección de cable.
• Para el tendido de cables eléctricos, utilizar los canales para cables y ramales de cables existentes. Sin embargo, no tender los cables paralelos a los cables de encendido o paralelos a los cables que conducen a grandes consumidores de corriente.
• Fijar los cables con cintas sujetacables o cinta adhesiva. No tender los cables sobre piezas móviles. ¡No fijar cables en la columna de la dirección!
• Cerciorarse de que los cables no estén expuestos a fuerzas de tracción, de compresión o transversales.
• Si los cables son tendidos a través de orificios, proteger los cables mediante manguitos de goma o similares.
• Para quitar el aislamiento de los cables, utilizar sólo un alicate pelacables. Ajustar el alicate de modo que no se dañe o rompa ningún hilo conductor.
• ¡Soldar los empalmes de cables nuevos sólo con el procedimiento de soldadura con estaño o utilizar las conexiones por presión usuales en el comercio!
• Realizar conexiones por presión sólo con un alicate para unir cables por presión. Observar las indicaciones de seguridad del fabricante de la herramienta.
• Aislar los hilos conductores, de tal modo que no puedan producirse cortocircuitos.
• Atención: peligro de cortocircuito debido a puntos de conexión defectuosos o cables dañados.
• Los cortocircuitos en la red de a bordo pueden originar incendios de cables, explosiones de baterías y daños en otros sistemas electrónicos del vehículo. Por tanto, todas las conexiones para la alimentación de tensión deben estar provistas de conectores tope soldables y suficientemente aislados.
• Prestar especial atención a correctas conexiones a masa.
• Las conexiones incorrectas pueden ocasionar cortocircuitos. Conectar los cables sólo de acuerdo al esquema de conexiones eléctricas.
• En caso de funcionamiento del aparato en fuentes de alimentación, tener en cuenta que la fuente de alimentación debe ser estabilizada y cumplir con las normas: DIN EN 61000- parte 6-1 hasta 6-4.
TU00-0752-5807150	Technische Änderungen vorbehalten - Technical details subject to change - Sous réserves de modifications techniques - Salvo modifiche tecniche - Reservado el derecho de modificaciones técnicas
